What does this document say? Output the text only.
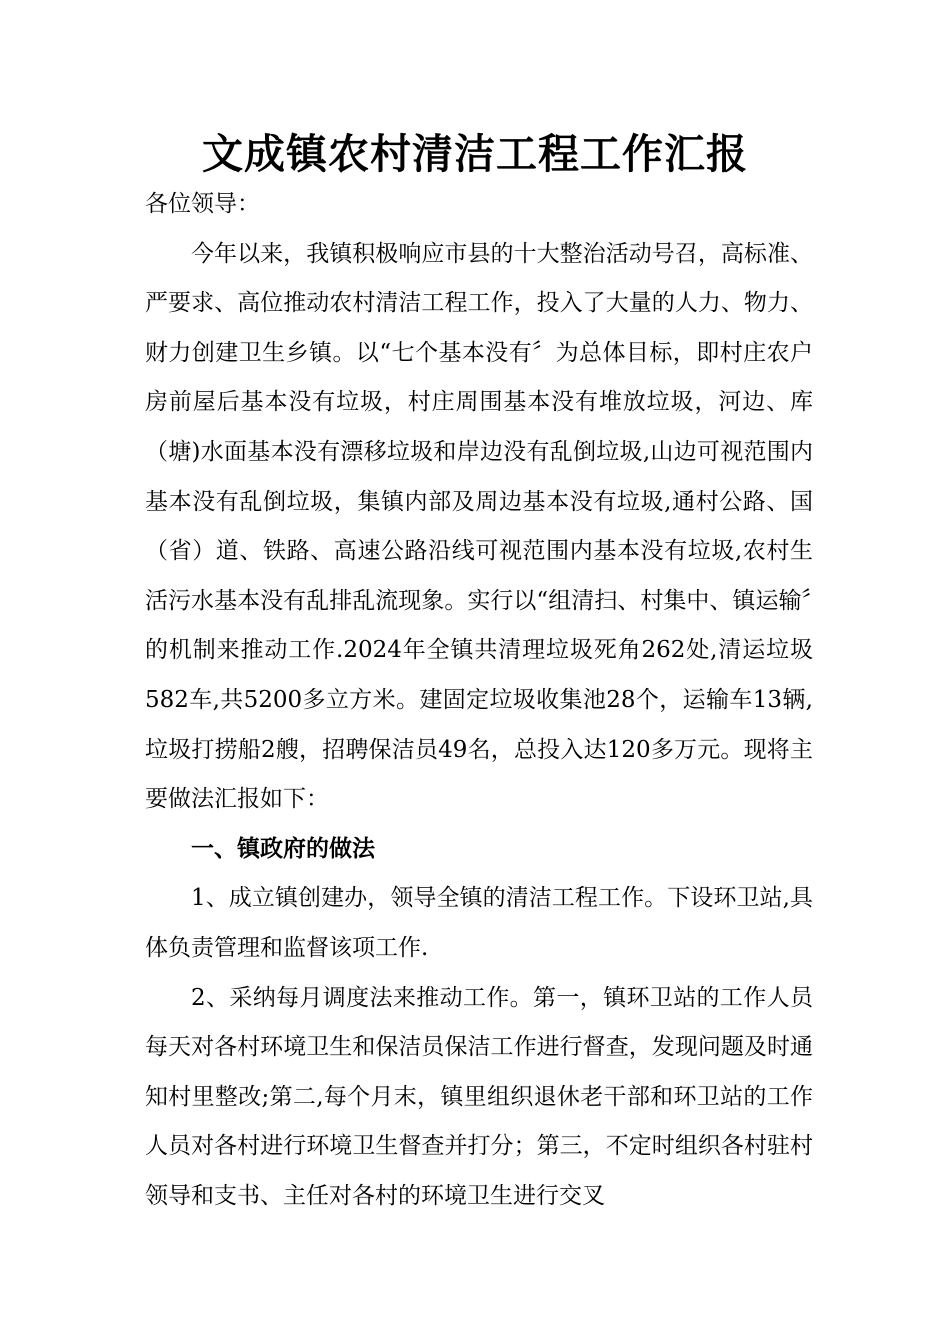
文成镇农村清洁工程工作汇报

各位领导：

今年以来，我镇积极响应市县的十大整治活动号召，高标准、严要求、高位推动农村清洁工程工作，投入了大量的人力、物力、财力创建卫生乡镇。以“七个基本没有〞为总体目标，即村庄农户房前屋后基本没有垃圾，村庄周围基本没有堆放垃圾，河边、库（塘)水面基本没有漂移垃圾和岸边没有乱倒垃圾,山边可视范围内基本没有乱倒垃圾，集镇内部及周边基本没有垃圾,通村公路、国（省）道、铁路、高速公路沿线可视范围内基本没有垃圾,农村生活污水基本没有乱排乱流现象。实行以“组清扫、村集中、镇运输〞的机制来推动工作.2024年全镇共清理垃圾死角262处,清运垃圾582车,共5200多立方米。建固定垃圾收集池28个，运输车13辆,垃圾打捞船2艘，招聘保洁员49名，总投入达120多万元。现将主要做法汇报如下：

一、镇政府的做法

1、成立镇创建办，领导全镇的清洁工程工作。下设环卫站,具体负责管理和监督该项工作.

2、采纳每月调度法来推动工作。第一，镇环卫站的工作人员每天对各村环境卫生和保洁员保洁工作进行督查，发现问题及时通知村里整改;第二,每个月末，镇里组织退休老干部和环卫站的工作人员对各村进行环境卫生督查并打分；第三，不定时组织各村驻村领导和支书、主任对各村的环境卫生进行交叉
